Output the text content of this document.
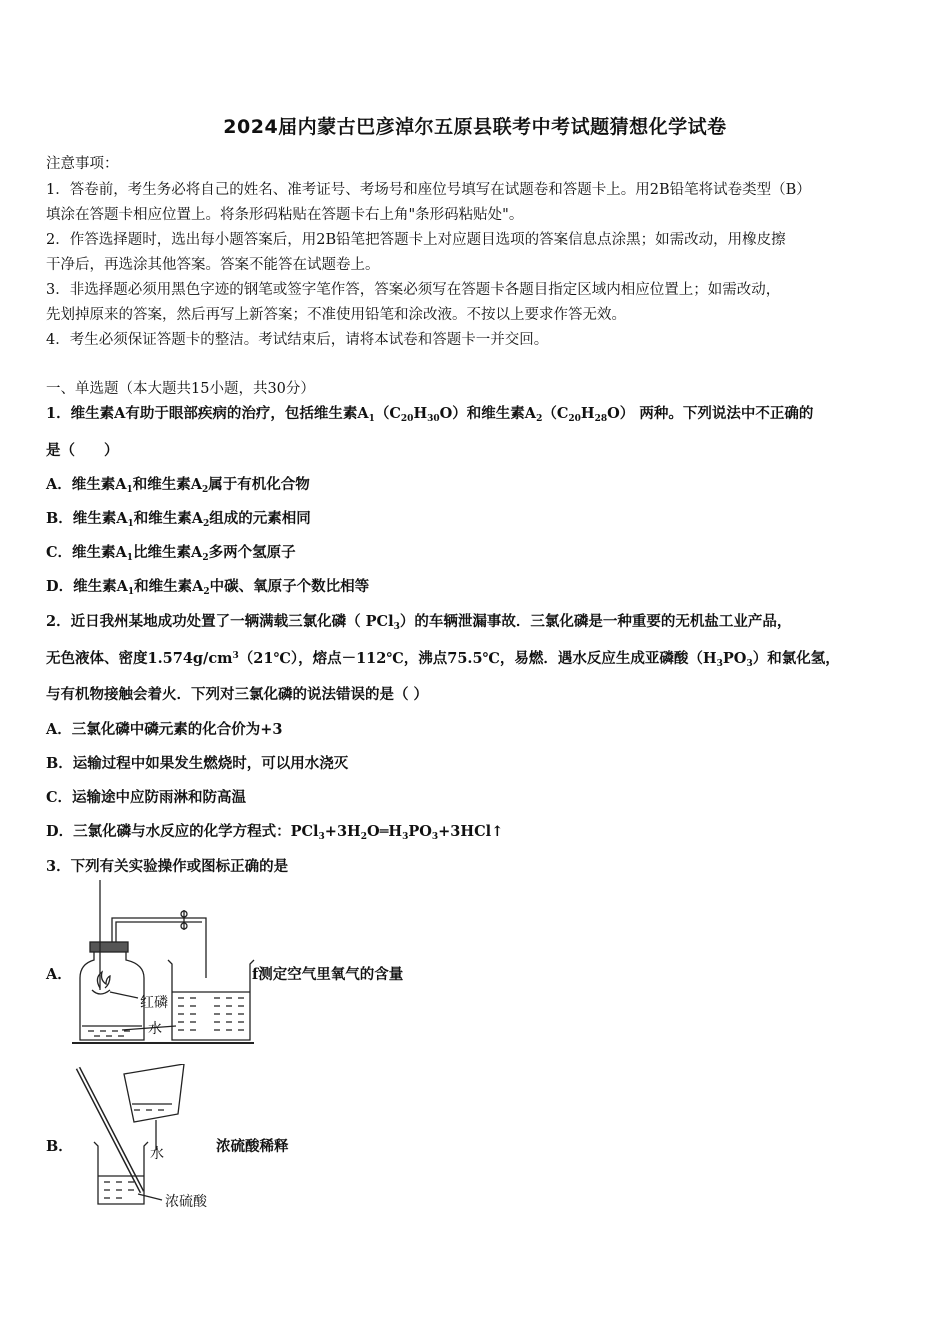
2024届内蒙古巴彦淖尔五原县联考中考试题猜想化学试卷
注意事项：
1．答卷前，考生务必将自己的姓名、准考证号、考场号和座位号填写在试题卷和答题卡上。用2B铅笔将试卷类型（B）
填涂在答题卡相应位置上。将条形码粘贴在答题卡右上角"条形码粘贴处"。
2．作答选择题时，选出每小题答案后，用2B铅笔把答题卡上对应题目选项的答案信息点涂黑；如需改动，用橡皮擦
干净后，再选涂其他答案。答案不能答在试题卷上。
3．非选择题必须用黑色字迹的钢笔或签字笔作答，答案必须写在答题卡各题目指定区域内相应位置上；如需改动，
先划掉原来的答案，然后再写上新答案；不准使用铅笔和涂改液。不按以上要求作答无效。
4．考生必须保证答题卡的整洁。考试结束后，请将本试卷和答题卡一并交回。
一、单选题（本大题共15小题，共30分）
1．维生素A有助于眼部疾病的治疗，包括维生素$A_1(C_{20}H_{30}O)$和维生素$A_2(C_{20}H_{28}O)$ 两种。下列说法中不正确的
是（　　）
A．维生素$A_1$和维生素$A_2$属于有机化合物
B．维生素$A_1$和维生素$A_2$组成的元素相同
C．维生素$A_1$比维生素$A_2$多两个氢原子
D．维生素$A_1$和维生素$A_2$中碳、氧原子个数比相等
2．近日我州某地成功处置了一辆满载三氯化磷（ PCl$_3$）的车辆泄漏事故．三氯化磷是一种重要的无机盐工业产品，
无色液体、密度$1.574g/cm^3(21℃)$，熔点－112℃，沸点75.5℃，易燃．遇水反应生成亚磷酸$(H_3PO_3)$和氯化氢，
与有机物接触会着火．下列对三氯化磷的说法错误的是（ ）
A．三氯化磷中磷元素的化合价为+3
B．运输过程中如果发生燃烧时，可以用水浇灭
C．运输途中应防雨淋和防高温
D．三氯化磷与水反应的化学方程式：$PCl_3+3H_2O═H_3PO_3+3HCl↑$
3．下列有关实验操作或图标正确的是
A．
红磷
水
f测定空气里氧气的含量
B．	水
浓硫酸
浓硫酸稀释
